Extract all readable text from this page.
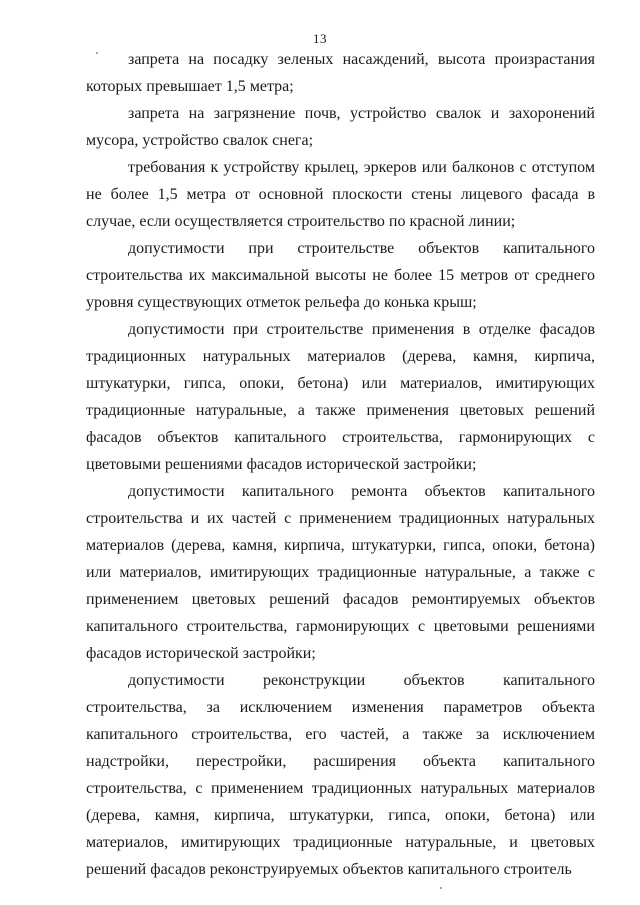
13

запрета на посадку зеленых насаждений, высота произрастания которых превышает 1,5 метра;

запрета на загрязнение почв, устройство свалок и захоронений мусора, устройство свалок снега;

требования к устройству крылец, эркеров или балконов с отступом не более 1,5 метра от основной плоскости стены лицевого фасада в случае, если осуществляется строительство по красной линии;

допустимости при строительстве объектов капитального строительства их максимальной высоты не более 15 метров от среднего уровня существующих отметок рельефа до конька крыш;

допустимости при строительстве применения в отделке фасадов традиционных натуральных материалов (дерева, камня, кирпича, штукатурки, гипса, опоки, бетона) или материалов, имитирующих традиционные натуральные, а также применения цветовых решений фасадов объектов капитального строительства, гармонирующих с цветовыми решениями фасадов исторической застройки;

допустимости капитального ремонта объектов капитального строительства и их частей с применением традиционных натуральных материалов (дерева, камня, кирпича, штукатурки, гипса, опоки, бетона) или материалов, имитирующих традиционные натуральные, а также с применением цветовых решений фасадов ремонтируемых объектов капитального строительства, гармонирующих с цветовыми решениями фасадов исторической застройки;

допустимости реконструкции объектов капитального строительства, за исключением изменения параметров объекта капитального строительства, его частей, а также за исключением надстройки, перестройки, расширения объекта капитального строительства, с применением традиционных натуральных материалов (дерева, камня, кирпича, штукатурки, гипса, опоки, бетона) или материалов, имитирующих традиционные натуральные, и цветовых решений фасадов реконструируемых объектов капитального строитель
